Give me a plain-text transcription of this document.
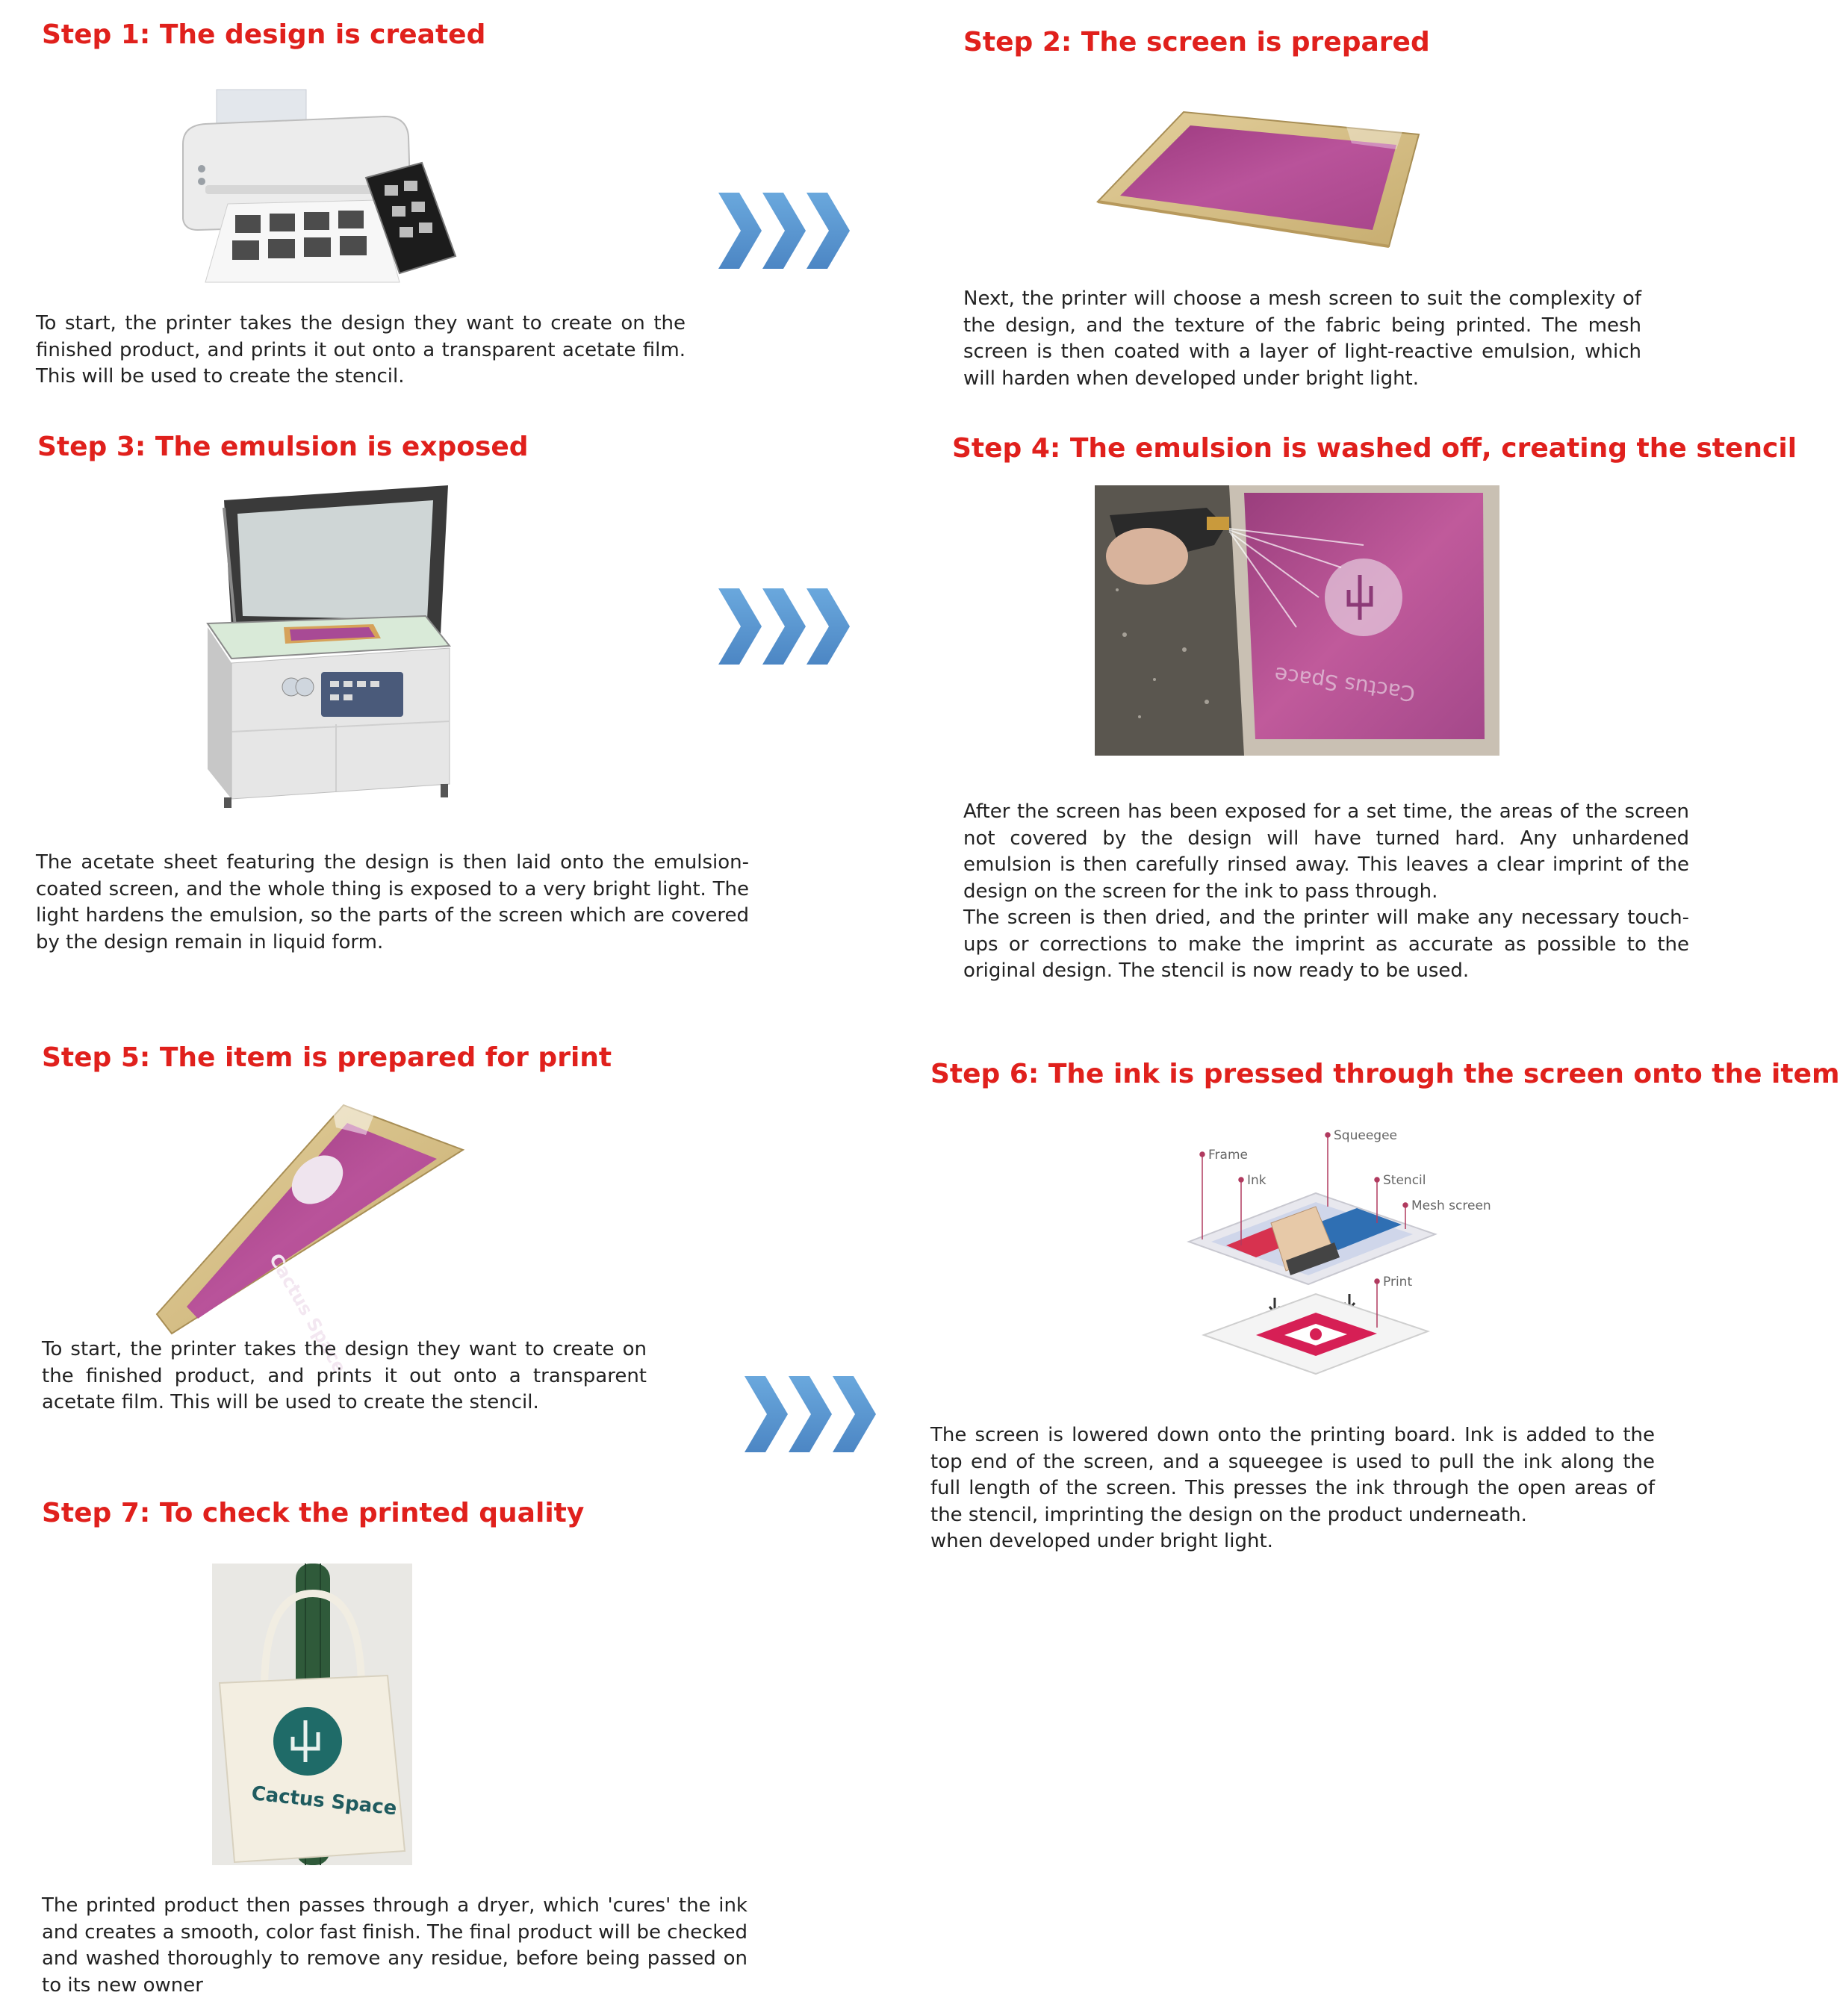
Step 1: The design is created

To start, the printer takes the design they want to create on the finished product, and prints it out onto a transparent acetate film. This will be used to create the stencil.

Step 2: The screen is prepared

Next, the printer will choose a mesh screen to suit the complexity of the design, and the texture of the fabric being printed. The mesh screen is then coated with a layer of light-reactive emulsion, which will harden when developed under bright light.

Step 3: The emulsion is exposed

The acetate sheet featuring the design is then laid onto the emulsion-coated screen, and the whole thing is exposed to a very bright light. The light hardens the emulsion, so the parts of the screen which are covered by the design remain in liquid form.

Step 4: The emulsion is washed off, creating the stencil
Cactus Space

After the screen has been exposed for a set time, the areas of the screen not covered by the design will have turned hard. Any unhardened emulsion is then carefully rinsed away. This leaves a clear imprint of the design on the screen for the ink to pass through.
The screen is then dried, and the printer will make any necessary touch-ups or corrections to make the imprint as accurate as possible to the original design. The stencil is now ready to be used.

Step 5: The item is prepared for print
Cactus Space

To start, the printer takes the design they want to create on the finished product, and prints it out onto a transparent acetate film. This will be used to create the stencil.

Step 6: The ink is pressed through the screen onto the item
Squeegee
Frame
Ink	Stencil
Mesh screen
Print

The screen is lowered down onto the printing board. Ink is added to the top end of the screen, and a squeegee is used to pull the ink along the full length of the screen. This presses the ink through the open areas of the stencil, imprinting the design on the product underneath.
when developed under bright light.

Step 7: To check the printed quality
Cactus Space

The printed product then passes through a dryer, which 'cures' the ink and creates a smooth, color fast finish. The final product will be checked and washed thoroughly to remove any residue, before being passed on to its new owner
